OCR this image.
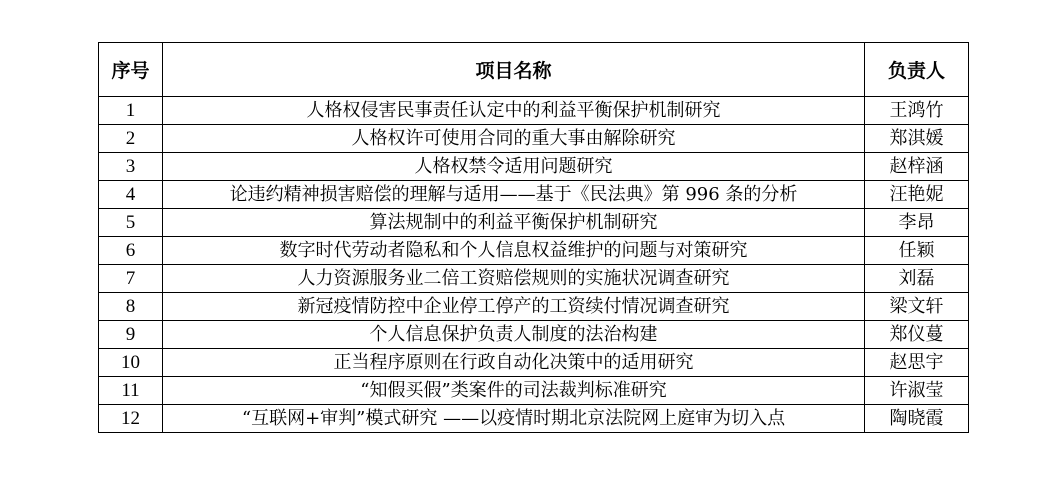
序号	项目名称	负责人
1	人格权侵害民事责任认定中的利益平衡保护机制研究	王鸿竹
2	人格权许可使用合同的重大事由解除研究	郑淇媛
3	人格权禁令适用问题研究	赵梓涵
4	论违约精神损害赔偿的理解与适用——基于《民法典》第 996 条的分析	汪艳妮
5	算法规制中的利益平衡保护机制研究	李昂
6	数字时代劳动者隐私和个人信息权益维护的问题与对策研究	任颖
7	人力资源服务业二倍工资赔偿规则的实施状况调查研究	刘磊
8	新冠疫情防控中企业停工停产的工资续付情况调查研究	梁文轩
9	个人信息保护负责人制度的法治构建	郑仪蔓
10	正当程序原则在行政自动化决策中的适用研究	赵思宇
11	“知假买假”类案件的司法裁判标准研究	许淑莹
12	“互联网+审判”模式研究 ——以疫情时期北京法院网上庭审为切入点	陶晓霞
